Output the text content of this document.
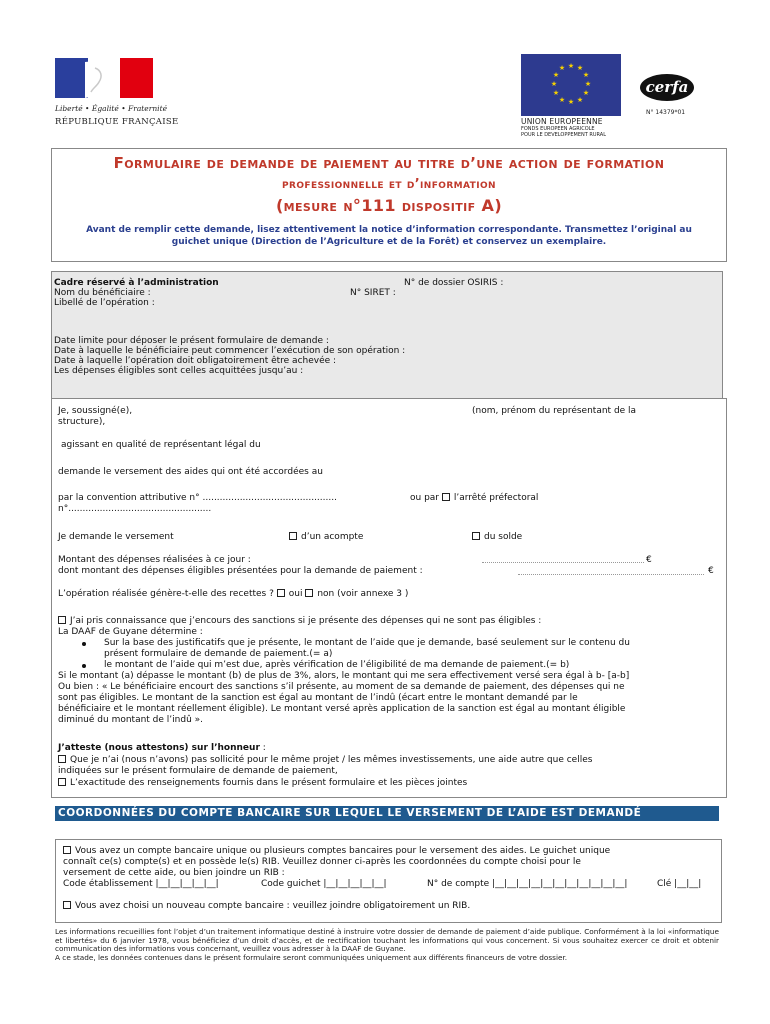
Liberté • Égalité • Fraternité
RÉPUBLIQUE FRANÇAISE
★ ★
★
★
★
★
★
★
★
★
★
★
UNION EUROPEENNE
FONDS EUROPEEN AGRICOLE
POUR LE DEVELOPPEMENT RURAL
cerfa
N° 14379*01
Formulaire de demande de paiement au titre d’une action de formation
professionnelle et d’information
(mesure n°111 dispositif A)
Avant de remplir cette demande, lisez attentivement la notice d’information correspondante. Transmettez l’original au guichet unique (Direction de l’Agriculture et de la Forêt) et conservez un exemplaire.
Cadre réservé à l’administration	N° de dossier OSIRIS :
Nom du bénéficiaire :	N° SIRET :
Libellé de l’opération :
Date limite pour déposer le présent formulaire de demande :
Date à laquelle le bénéficiaire peut commencer l’exécution de son opération :
Date à laquelle l’opération doit obligatoirement être achevée :
Les dépenses éligibles sont celles acquittées jusqu’au :
Je, soussigné(e),	(nom, prénom du représentant de la
structure),
agissant en qualité de représentant légal du
demande le versement des aides qui ont été accordées au
par la convention attributive n° ...............................................	ou par l’arrêté préfectoral
n°..................................................
Je demande le versement	d’un acompte	du solde
Montant des dépenses réalisées à ce jour :	€
dont montant des dépenses éligibles présentées pour la demande de paiement :	€
L’opération réalisée génère-t-elle des recettes ? oui non (voir annexe 3 )
J’ai pris connaissance que j’encours des sanctions si je présente des dépenses qui ne sont pas éligibles :
La DAAF de Guyane détermine :
Sur la base des justificatifs que je présente, le montant de l’aide que je demande, basé seulement sur le contenu du
présent formulaire de demande de paiement.(= a)
le montant de l’aide qui m’est due, après vérification de l’éligibilité de ma demande de paiement.(= b)
Si le montant (a) dépasse le montant (b) de plus de 3%, alors, le montant qui me sera effectivement versé sera égal à b- [a-b]
Ou bien : « Le bénéficiaire encourt des sanctions s’il présente, au moment de sa demande de paiement, des dépenses qui ne
sont pas éligibles. Le montant de la sanction est égal au montant de l’indû (écart entre le montant demandé par le
bénéficiaire et le montant réellement éligible). Le montant versé après application de la sanction est égal au montant éligible
diminué du montant de l’indû ».
J’atteste (nous attestons) sur l’honneur :
Que je n’ai (nous n’avons) pas sollicité pour le même projet / les mêmes investissements, une aide autre que celles
indiquées sur le présent formulaire de demande de paiement,
L’exactitude des renseignements fournis dans le présent formulaire et les pièces jointes
COORDONNÉES DU COMPTE BANCAIRE SUR LEQUEL LE VERSEMENT DE L’AIDE EST DEMANDÉ
Vous avez un compte bancaire unique ou plusieurs comptes bancaires pour le versement des aides. Le guichet unique
connaît ce(s) compte(s) et en possède le(s) RIB. Veuillez donner ci-après les coordonnées du compte choisi pour le
versement de cette aide, ou bien joindre un RIB :
Code établissement |__|__|__|__|__|	Code guichet |__|__|__|__|__|	N° de compte |__|__|__|__|__|__|__|__|__|__|__|	Clé |__|__|
Vous avez choisi un nouveau compte bancaire : veuillez joindre obligatoirement un RIB.

Les informations recueillies font l’objet d’un traitement informatique destiné à instruire votre dossier de demande de paiement d’aide publique. Conformément à la loi «informatique et libertés» du 6 janvier 1978, vous bénéficiez d’un droit d’accès, et de rectification touchant les informations qui vous concernent. Si vous souhaitez exercer ce droit et obtenir communication des informations vous concernant, veuillez vous adresser à la DAAF de Guyane.

A ce stade, les données contenues dans le présent formulaire seront communiquées uniquement aux différents financeurs de votre dossier.
